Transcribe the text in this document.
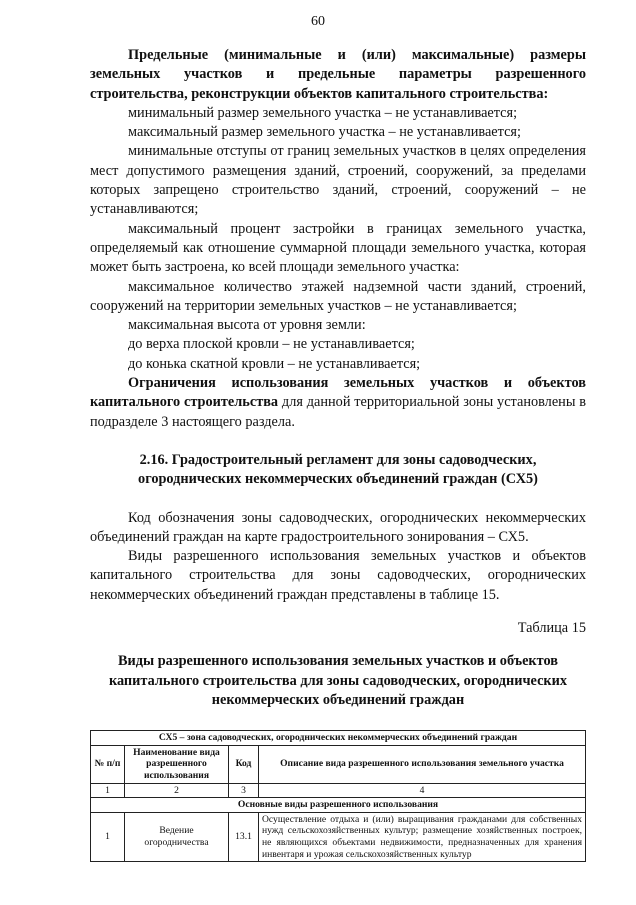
60

Предельные (минимальные и (или) максимальные) размеры земельных участков и предельные параметры разрешенного строительства, реконструкции объектов капитального строительства:

минимальный размер земельного участка – не устанавливается;

максимальный размер земельного участка – не устанавливается;

минимальные отступы от границ земельных участков в целях определения мест допустимого размещения зданий, строений, сооружений, за пределами которых запрещено строительство зданий, строений, сооружений – не устанавливаются;

максимальный процент застройки в границах земельного участка, определяемый как отношение суммарной площади земельного участка, которая может быть застроена, ко всей площади земельного участка:

максимальное количество этажей надземной части зданий, строений, сооружений на территории земельных участков – не устанавливается;

максимальная высота от уровня земли:

до верха плоской кровли – не устанавливается;

до конька скатной кровли – не устанавливается;

Ограничения использования земельных участков и объектов капитального строительства для данной территориальной зоны установлены в подразделе 3 настоящего раздела.

2.16. Градостроительный регламент для зоны садоводческих, огороднических некоммерческих объединений граждан (СХ5)

Код обозначения зоны садоводческих, огороднических некоммерческих объединений граждан на карте градостроительного зонирования – СХ5.

Виды разрешенного использования земельных участков и объектов капитального строительства для зоны садоводческих, огороднических некоммерческих объединений граждан представлены в таблице 15.

Таблица 15

Виды разрешенного использования земельных участков и объектов капитального строительства для зоны садоводческих, огороднических некоммерческих объединений граждан

СХ5 – зона садоводческих, огороднических некоммерческих объединений граждан			
№ п/п	Наименование вида разрешенного использования	Код	Описание вида разрешенного использования земельного участка
1	2	3	4
Основные виды разрешенного использования			
1	Ведение огородничества	13.1	Осуществление отдыха и (или) выращивания гражданами для собственных нужд сельскохозяйственных культур; размещение хозяйственных построек, не являющихся объектами недвижимости, предназначенных для хранения инвентаря и урожая сельскохозяйственных культур
